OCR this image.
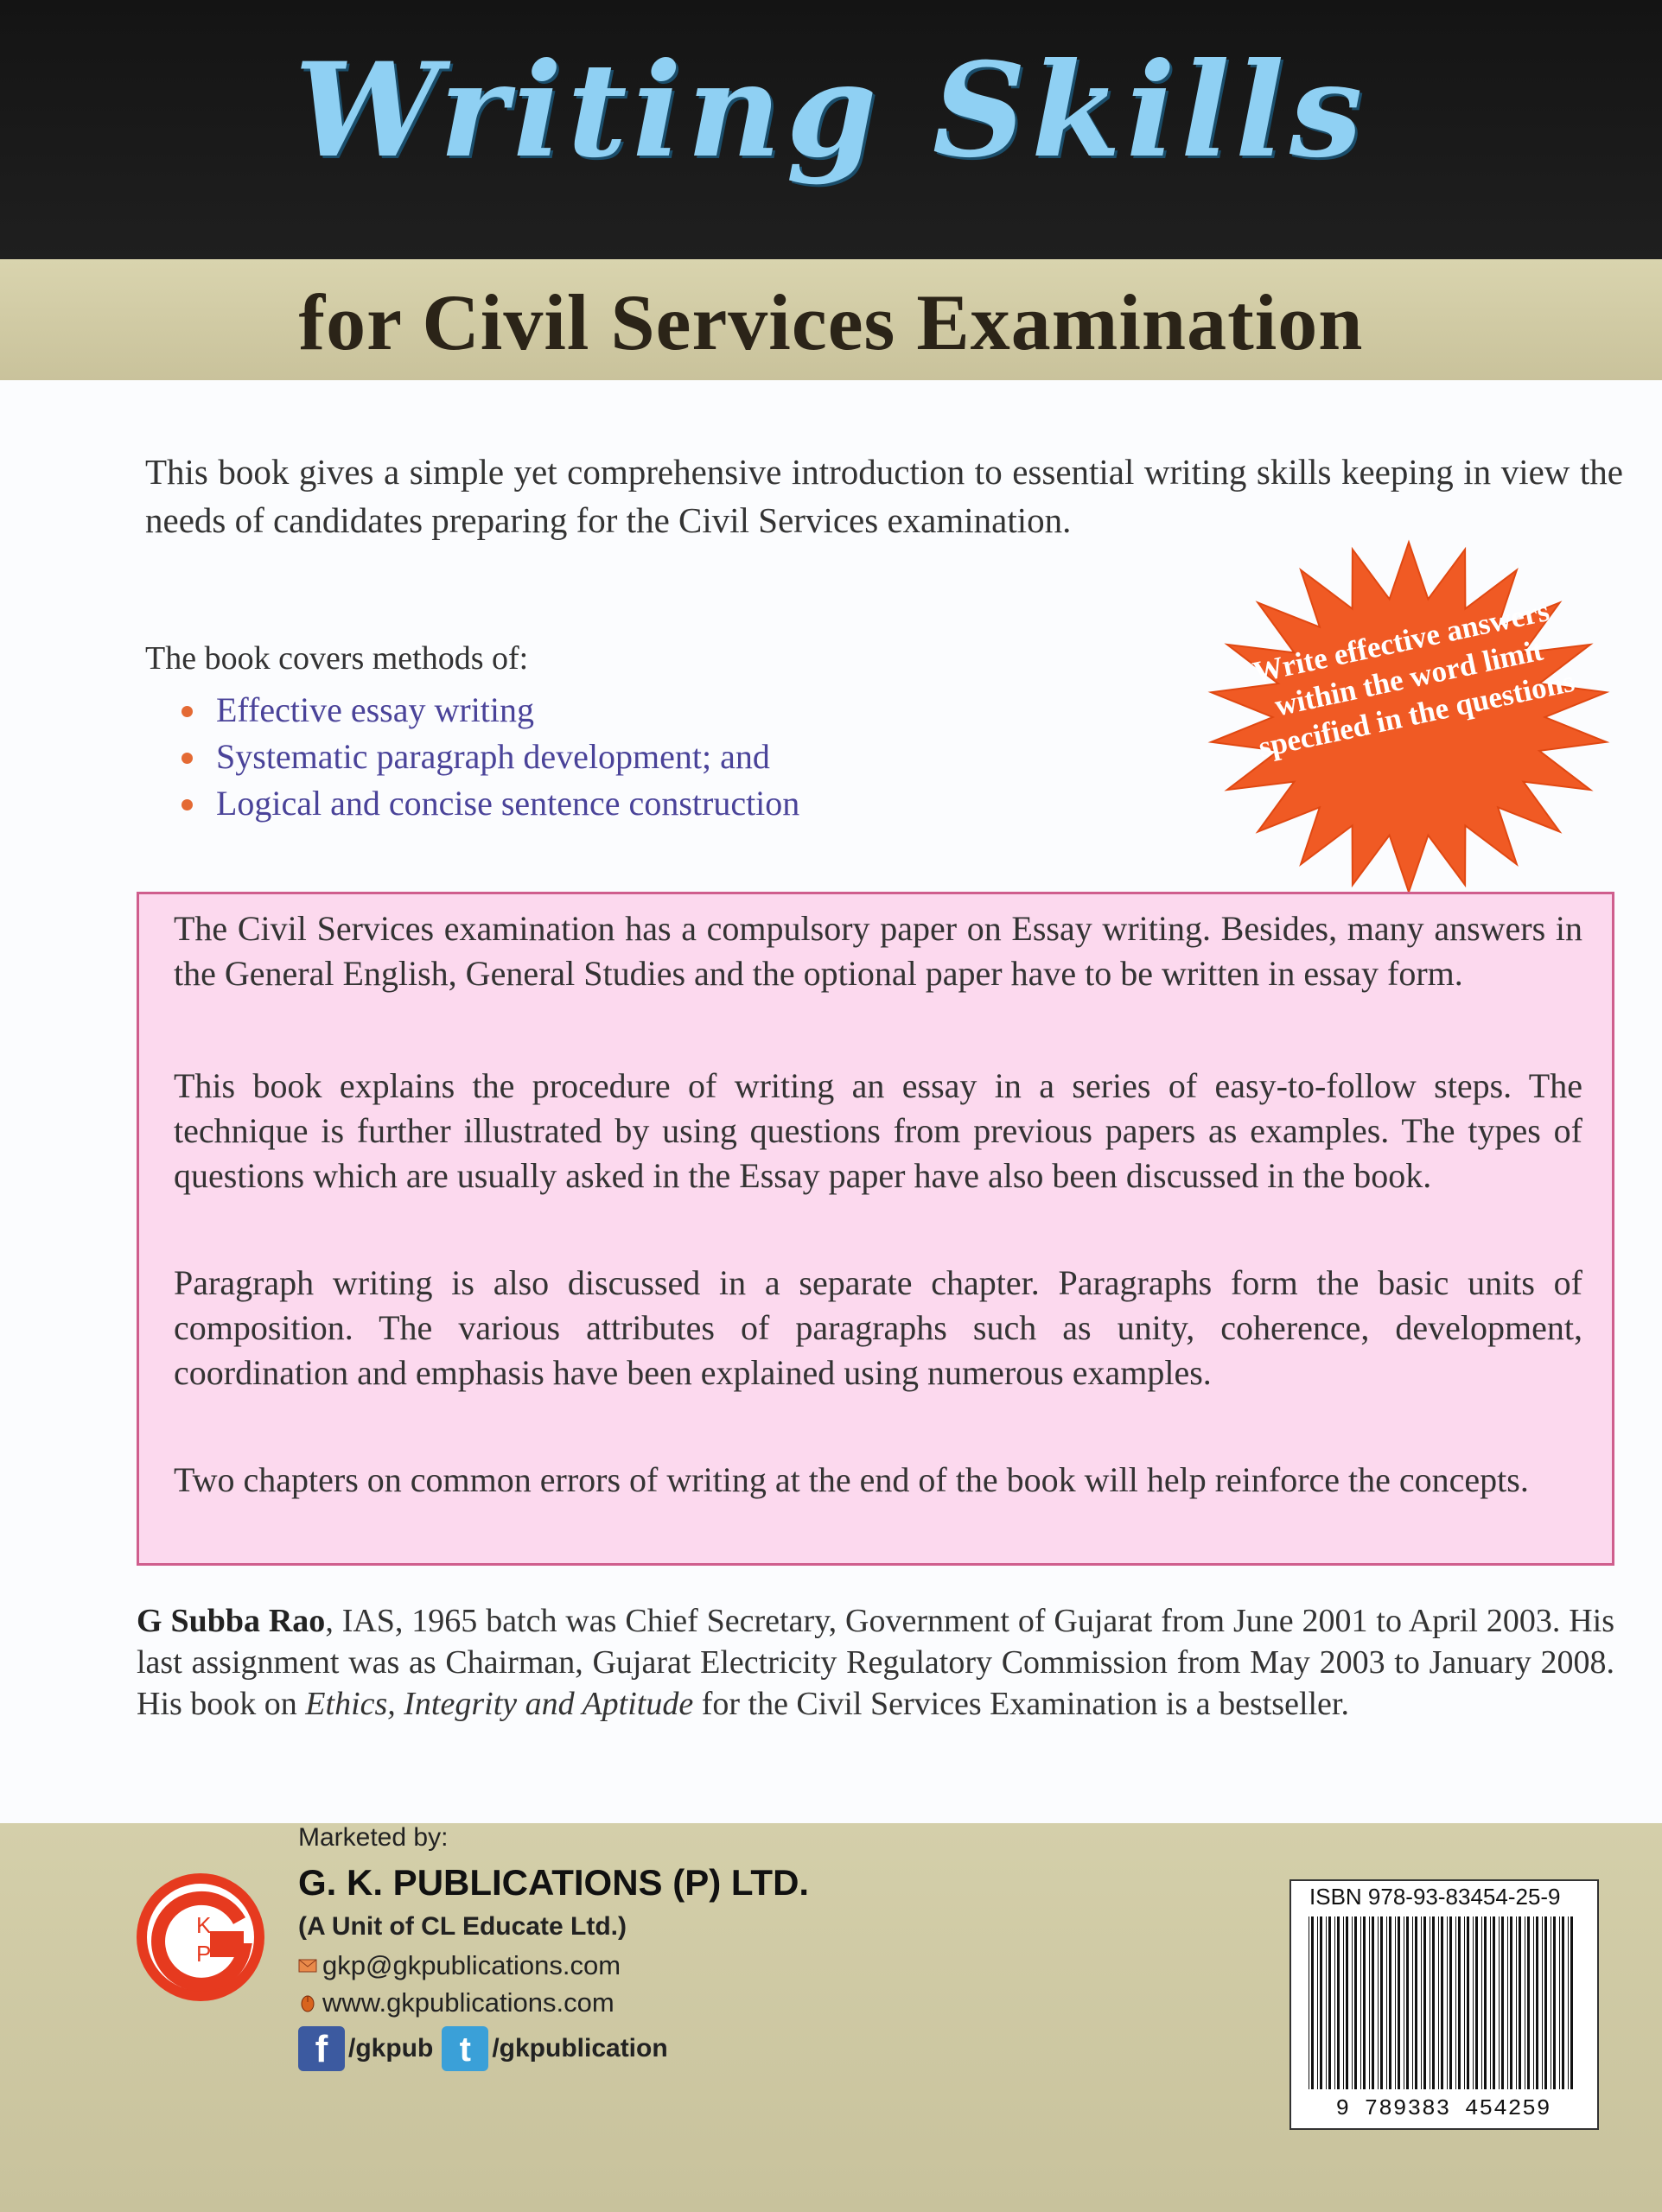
Writing Skills
for Civil Services Examination
This book gives a simple yet comprehensive introduction to essential writing skills keeping in view the needs of candidates preparing for the Civil Services examination.
The book covers methods of:
Effective essay writing
Systematic paragraph development; and
Logical and concise sentence construction
Write effective answers within the word limit specified in the questions

The Civil Services examination has a compulsory paper on Essay writing. Besides, many answers in the General English, General Studies and the optional paper have to be written in essay form.

This book explains the procedure of writing an essay in a series of easy-to-follow steps. The technique is further illustrated by using questions from previous papers as examples. The types of questions which are usually asked in the Essay paper have also been discussed in the book.

Paragraph writing is also discussed in a separate chapter. Paragraphs form the basic units of composition. The various attributes of paragraphs such as unity, coherence, development, coordination and emphasis have been explained using numerous examples.

Two chapters on common errors of writing at the end of the book will help reinforce the concepts.

G Subba Rao, IAS, 1965 batch was Chief Secretary, Government of Gujarat from June 2001 to April 2003. His last assignment was as Chairman, Gujarat Electricity Regulatory Commission from May 2003 to January 2008. His book on Ethics, Integrity and Aptitude for the Civil Services Examination is a bestseller.
Marketed by:
K
P
G. K. PUBLICATIONS (P) LTD.
(A Unit of CL Educate Ltd.)
gkp@gkpublications.com
www.gkpublications.com
f /gkpub t /gkpublication
ISBN 978-93-83454-25-9
9 789383 454259
